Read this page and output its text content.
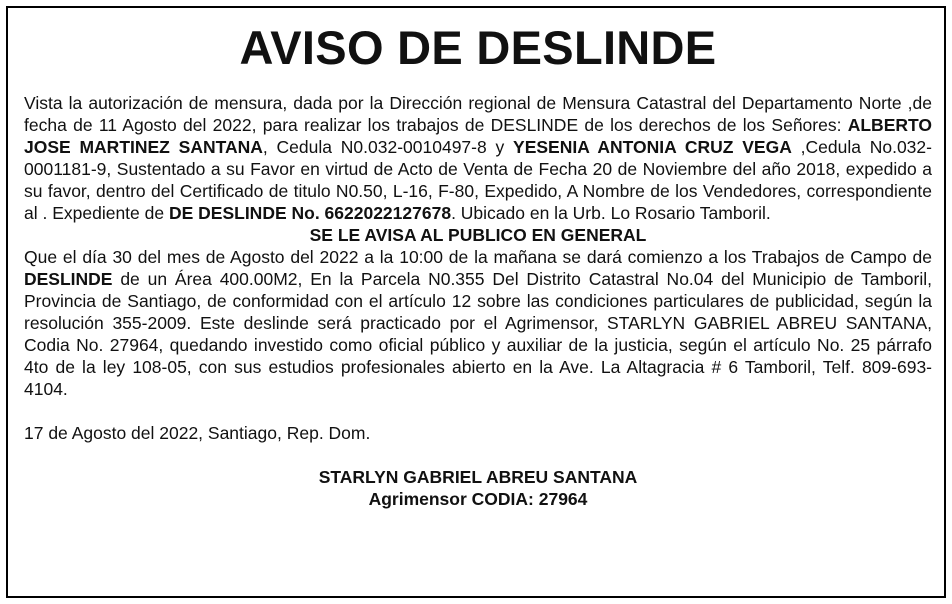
AVISO DE DESLINDE

Vista la autorización de mensura, dada por la Dirección regional de Mensura Catastral del Departamento Norte ,de fecha de 11 Agosto del 2022, para realizar los trabajos de DESLINDE de los derechos de los Señores: ALBERTO JOSE MARTINEZ SANTANA, Cedula N0.032-0010497-8 y YESENIA ANTONIA CRUZ VEGA ,Cedula No.032-0001181-9, Sustentado a su Favor en virtud de Acto de Venta de Fecha 20 de Noviembre del año 2018, expedido a su favor, dentro del Certificado de titulo N0.50, L-16, F-80, Expedido, A Nombre de los Vendedores, correspondiente al . Expediente de DE DESLINDE No. 6622022127678. Ubicado en la Urb. Lo Rosario Tamboril.

SE LE AVISA AL PUBLICO EN GENERAL

Que el día 30 del mes de Agosto del 2022 a la 10:00 de la mañana se dará comienzo a los Trabajos de Campo de DESLINDE de un Área 400.00M2, En la Parcela N0.355 Del Distrito Catastral No.04 del Municipio de Tamboril, Provincia de Santiago, de conformidad con el artículo 12 sobre las condiciones particulares de publicidad, según la resolución 355-2009. Este deslinde será practicado por el Agrimensor, STARLYN GABRIEL ABREU SANTANA, Codia No. 27964, quedando investido como oficial público y auxiliar de la justicia, según el artículo No. 25 párrafo 4to de la ley 108-05, con sus estudios profesionales abierto en la Ave. La Altagracia # 6 Tamboril, Telf. 809-693-4104.

17 de Agosto del 2022, Santiago, Rep. Dom.

STARLYN GABRIEL ABREU SANTANA
Agrimensor CODIA: 27964
